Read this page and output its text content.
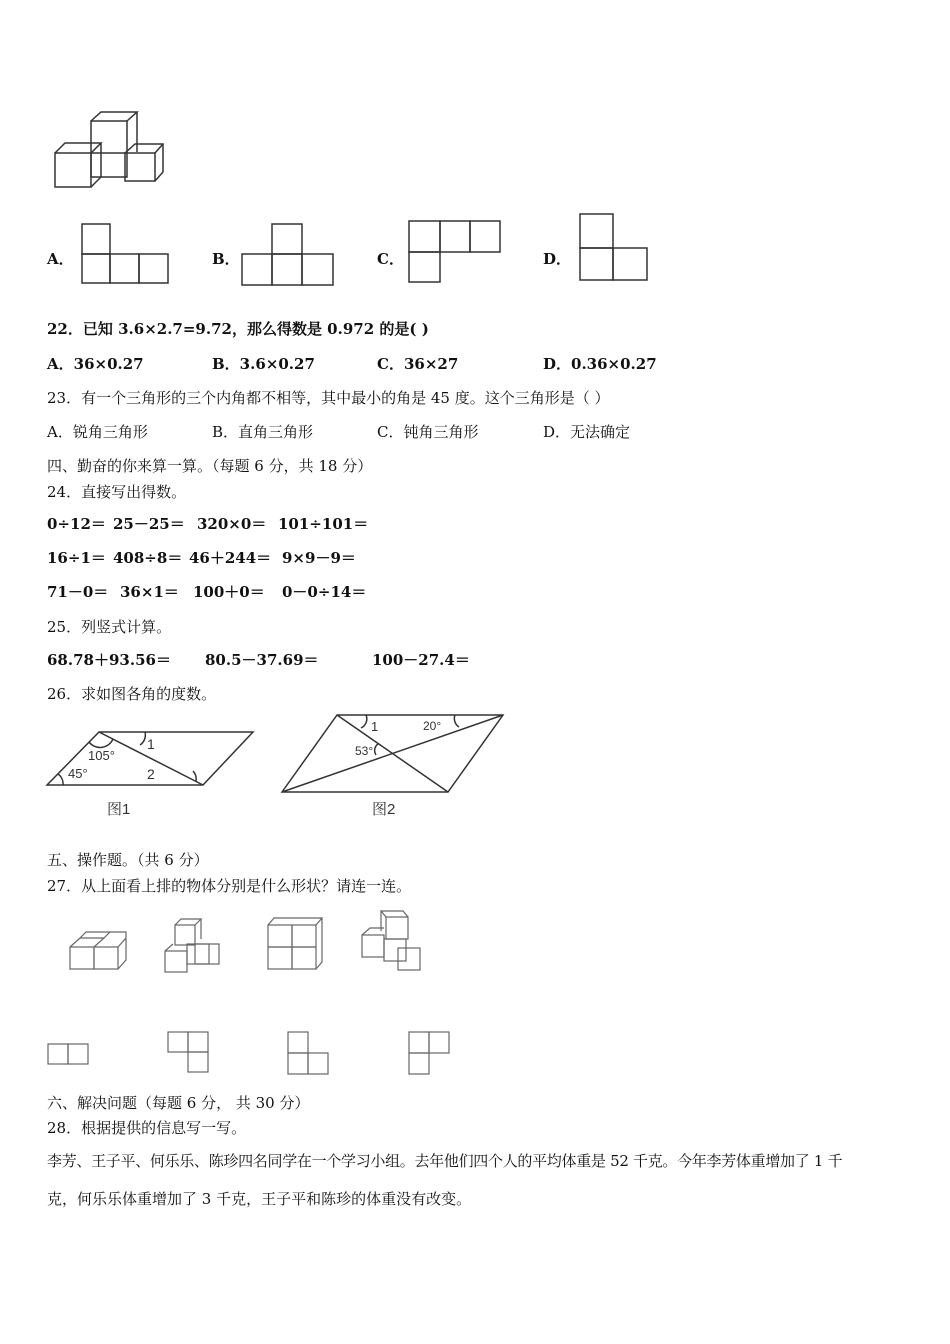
105°
45°
1
2
图1
1	20°
53°
图2
A．	B．	C．	D．
22．已知 3.6×2.7=9.72，那么得数是 0.972 的是( )
A．36×0.27	B．3.6×0.27	C．36×27	D．0.36×0.27
23．有一个三角形的三个内角都不相等，其中最小的角是 45 度。这个三角形是（ ）
A．锐角三角形	B．直角三角形	C．钝角三角形	D．无法确定
四、勤奋的你来算一算。（每题 6 分，共 18 分）
24．直接写出得数。
0÷12＝ 25－25＝ 320×0＝ 101÷101＝
16÷1＝ 408÷8＝ 46＋244＝ 9×9－9＝
71－0＝ 36×1＝ 100＋0＝ 0－0÷14＝
25．列竖式计算。
68.78＋93.56＝ 80.5－37.69＝	100－27.4＝
26．求如图各角的度数。
五、操作题。（共 6 分）
27．从上面看上排的物体分别是什么形状？请连一连。
六、解决问题（每题 6 分， 共 30 分）
28．根据提供的信息写一写。
李芳、王子平、何乐乐、陈珍四名同学在一个学习小组。去年他们四个人的平均体重是 52 千克。今年李芳体重增加了 1 千
克，何乐乐体重增加了 3 千克，王子平和陈珍的体重没有改变。
